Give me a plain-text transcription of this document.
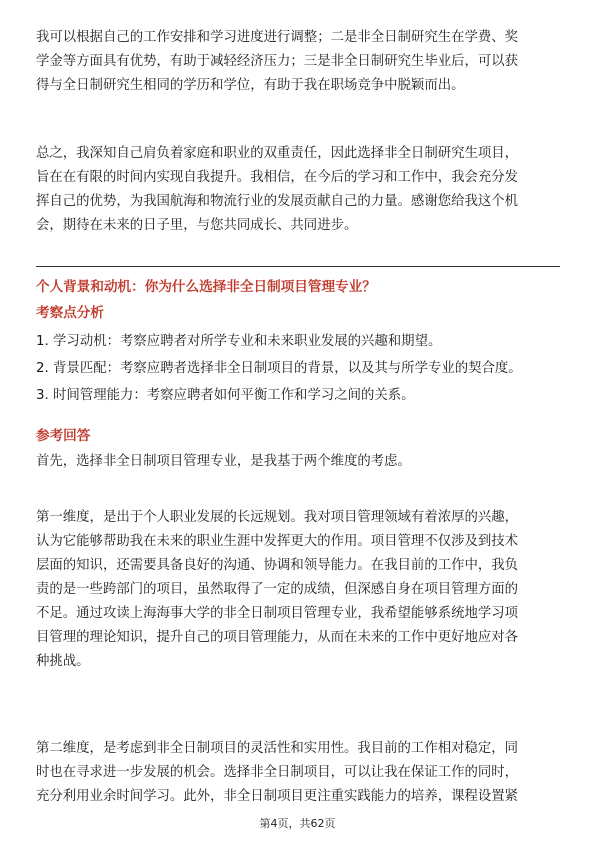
我可以根据自己的工作安排和学习进度进行调整；二是非全日制研究生在学费、奖
学金等方面具有优势，有助于减轻经济压力；三是非全日制研究生毕业后，可以获
得与全日制研究生相同的学历和学位，有助于我在职场竞争中脱颖而出。

总之，我深知自己肩负着家庭和职业的双重责任，因此选择非全日制研究生项目，
旨在在有限的时间内实现自我提升。我相信，在今后的学习和工作中，我会充分发
挥自己的优势，为我国航海和物流行业的发展贡献自己的力量。感谢您给我这个机
会，期待在未来的日子里，与您共同成长、共同进步。

个人背景和动机：你为什么选择非全日制项目管理专业？
考察点分析
1. 学习动机：考察应聘者对所学专业和未来职业发展的兴趣和期望。
2. 背景匹配：考察应聘者选择非全日制项目的背景，以及其与所学专业的契合度。
3. 时间管理能力：考察应聘者如何平衡工作和学习之间的关系。
参考回答
首先，选择非全日制项目管理专业，是我基于两个维度的考虑。

第一维度，是出于个人职业发展的长远规划。我对项目管理领域有着浓厚的兴趣，
认为它能够帮助我在未来的职业生涯中发挥更大的作用。项目管理不仅涉及到技术
层面的知识，还需要具备良好的沟通、协调和领导能力。在我目前的工作中，我负
责的是一些跨部门的项目，虽然取得了一定的成绩，但深感自身在项目管理方面的
不足。通过攻读上海海事大学的非全日制项目管理专业，我希望能够系统地学习项
目管理的理论知识，提升自己的项目管理能力，从而在未来的工作中更好地应对各
种挑战。

第二维度，是考虑到非全日制项目的灵活性和实用性。我目前的工作相对稳定，同
时也在寻求进一步发展的机会。选择非全日制项目，可以让我在保证工作的同时，
充分利用业余时间学习。此外，非全日制项目更注重实践能力的培养，课程设置紧

第4页，共62页
